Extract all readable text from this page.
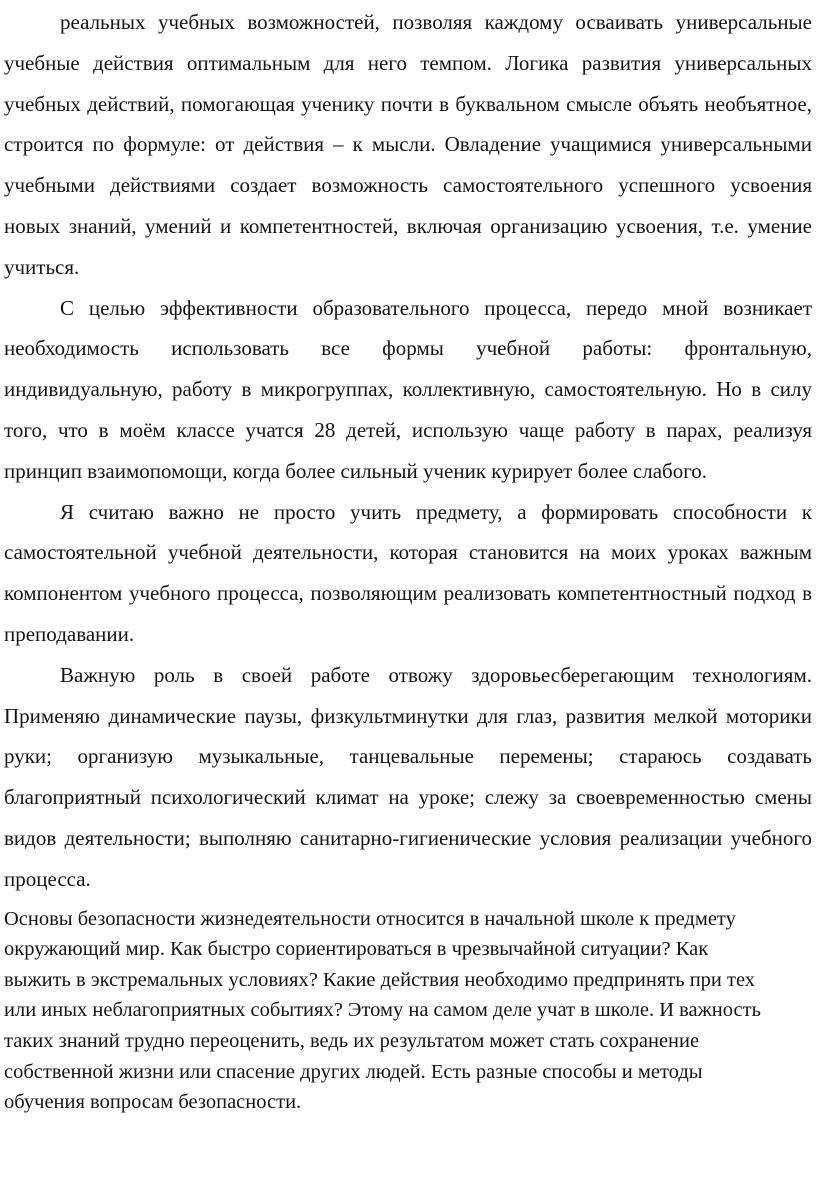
реальных учебных возможностей, позволяя каждому осваивать универсальные учебные действия оптимальным для него темпом. Логика развития универсальных учебных действий, помогающая ученику почти в буквальном смысле объять необъятное, строится по формуле: от действия – к мысли. Овладение учащимися универсальными учебными действиями создает возможность самостоятельного успешного усвоения новых знаний, умений и компетентностей, включая организацию усвоения, т.е. умение учиться.

С целью эффективности образовательного процесса, передо мной возникает необходимость использовать все формы учебной работы: фронтальную, индивидуальную, работу в микрогруппах, коллективную, самостоятельную. Но в силу того, что в моём классе учатся 28 детей, использую чаще работу в парах, реализуя принцип взаимопомощи, когда более сильный ученик курирует более слабого.

Я считаю важно не просто учить предмету, а формировать способности к самостоятельной учебной деятельности, которая становится на моих уроках важным компонентом учебного процесса, позволяющим реализовать компетентностный подход в преподавании.

Важную роль в своей работе отвожу здоровьесберегающим технологиям. Применяю динамические паузы, физкультминутки для глаз, развития мелкой моторики руки; организую музыкальные, танцевальные перемены; стараюсь создавать благоприятный психологический климат на уроке; слежу за своевременностью смены видов деятельности; выполняю санитарно-гигиенические условия реализации учебного процесса.

Основы безопасности жизнедеятельности относится в начальной школе к предмету окружающий мир. Как быстро сориентироваться в чрезвычайной ситуации? Как выжить в экстремальных условиях? Какие действия необходимо предпринять при тех или иных неблагоприятных событиях? Этому на самом деле учат в школе. И важность таких знаний трудно переоценить, ведь их результатом может стать сохранение собственной жизни или спасение других людей. Есть разные способы и методы обучения вопросам безопасности.
